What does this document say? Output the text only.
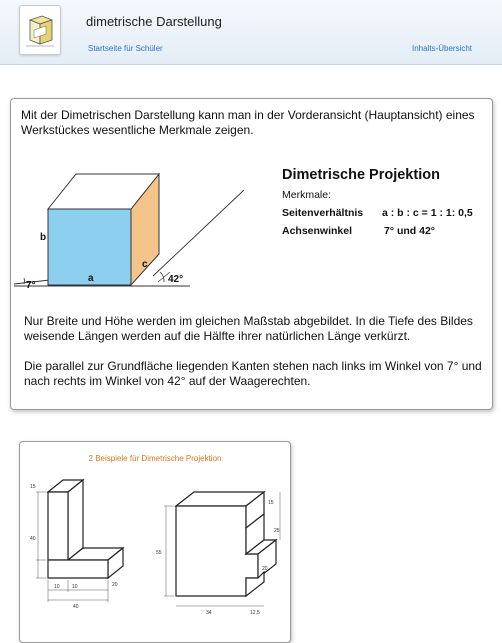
dimetrische Darstellung
Startseite für Schüler	Inhalts-Übersicht

Mit der Dimetrischen Darstellung kann man in der Vorderansicht (Hauptansicht) eines Werkstückes wesentliche Merkmale zeigen.

a
b
c
7°
42°
Dimetrische Projektion
Merkmale:
Seitenverhältnis a : b : c = 1 : 1: 0,5
Achsenwinkel	7° und 42°

Nur Breite und Höhe werden im gleichen Maßstab abgebildet. In die Tiefe des Bildes weisende Längen werden auf die Hälfte ihrer natürlichen Länge verkürzt.

Die parallel zur Grundfläche liegenden Kanten stehen nach links im Winkel von 7° und nach rechts im Winkel von 42° auf der Waagerechten.

2 Beispiele für Dimetrische Projektion
15
40
10 10
40
20
15
55
25
20
34	12,5
